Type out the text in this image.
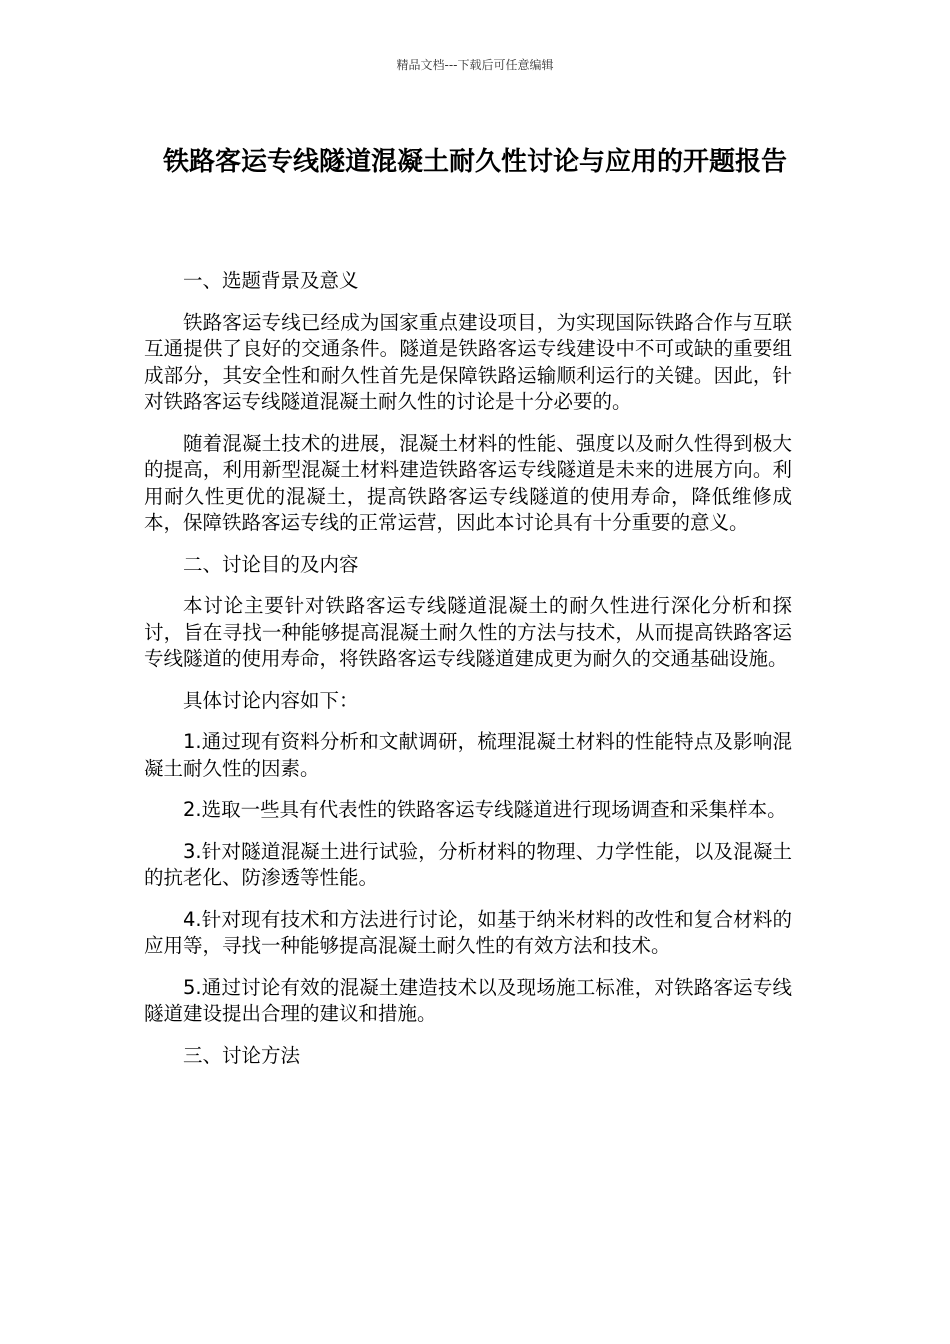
精品文档---下载后可任意编辑
铁路客运专线隧道混凝土耐久性讨论与应用的开题报告

一、选题背景及意义

铁路客运专线已经成为国家重点建设项目，为实现国际铁路合作与互联互通提供了良好的交通条件。隧道是铁路客运专线建设中不可或缺的重要组成部分，其安全性和耐久性首先是保障铁路运输顺利运行的关键。因此，针对铁路客运专线隧道混凝土耐久性的讨论是十分必要的。

随着混凝土技术的进展，混凝土材料的性能、强度以及耐久性得到极大的提高，利用新型混凝土材料建造铁路客运专线隧道是未来的进展方向。利用耐久性更优的混凝土，提高铁路客运专线隧道的使用寿命，降低维修成本，保障铁路客运专线的正常运营，因此本讨论具有十分重要的意义。

二、讨论目的及内容

本讨论主要针对铁路客运专线隧道混凝土的耐久性进行深化分析和探讨，旨在寻找一种能够提高混凝土耐久性的方法与技术，从而提高铁路客运专线隧道的使用寿命，将铁路客运专线隧道建成更为耐久的交通基础设施。

具体讨论内容如下：

1.通过现有资料分析和文献调研，梳理混凝土材料的性能特点及影响混凝土耐久性的因素。

2.选取一些具有代表性的铁路客运专线隧道进行现场调查和采集样本。

3.针对隧道混凝土进行试验，分析材料的物理、力学性能，以及混凝土的抗老化、防渗透等性能。

4.针对现有技术和方法进行讨论，如基于纳米材料的改性和复合材料的应用等，寻找一种能够提高混凝土耐久性的有效方法和技术。

5.通过讨论有效的混凝土建造技术以及现场施工标准，对铁路客运专线隧道建设提出合理的建议和措施。

三、讨论方法
